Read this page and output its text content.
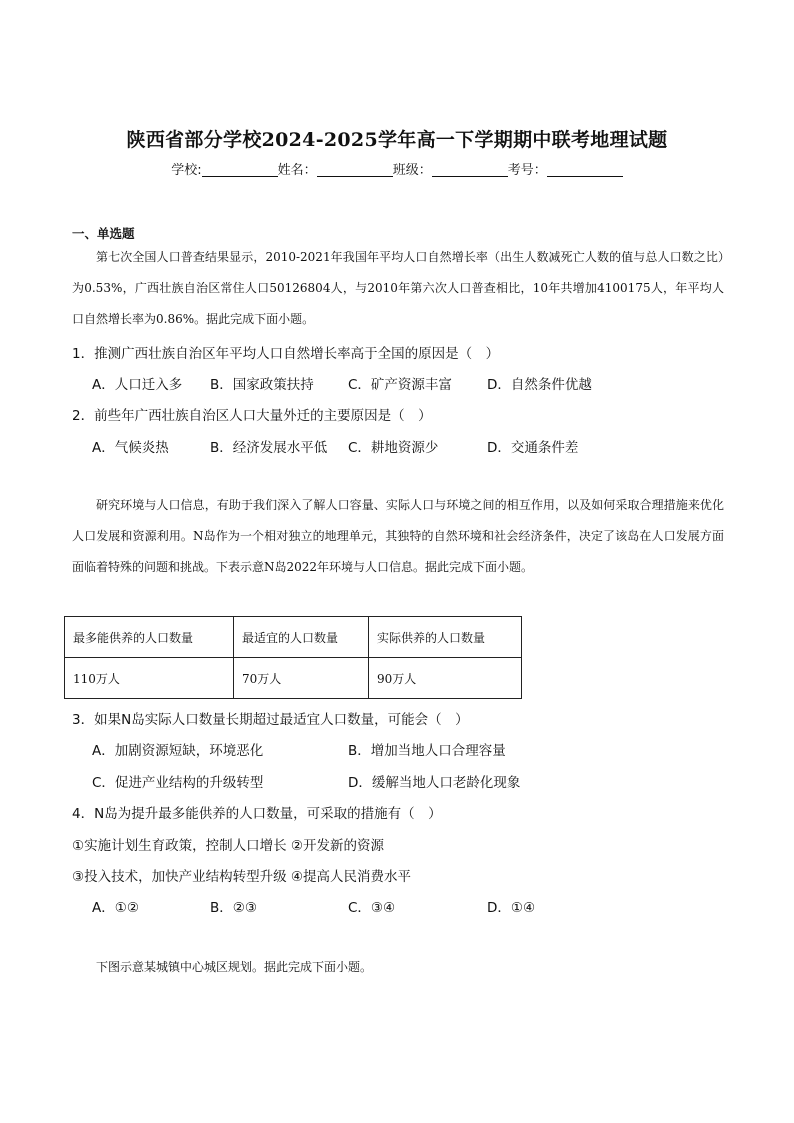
陕西省部分学校2024-2025学年高一下学期期中联考地理试题
学校:	姓名：	班级：	考号：
一、单选题
第七次全国人口普查结果显示，2010-2021年我国年平均人口自然增长率（出生人数减死亡人数的值与总人口数之比）为0.53%，广西壮族自治区常住人口50126804人，与2010年第六次人口普查相比，10年共增加4100175人，年平均人口自然增长率为0.86%。据此完成下面小题。
1．推测广西壮族自治区年平均人口自然增长率高于全国的原因是（　）
A．人口迁入多 B．国家政策扶持	C．矿产资源丰富	D．自然条件优越
2．前些年广西壮族自治区人口大量外迁的主要原因是（　）
A．气候炎热	B．经济发展水平低 C．耕地资源少	D．交通条件差
研究环境与人口信息，有助于我们深入了解人口容量、实际人口与环境之间的相互作用，以及如何采取合理措施来优化人口发展和资源利用。N岛作为一个相对独立的地理单元，其独特的自然环境和社会经济条件，决定了该岛在人口发展方面面临着特殊的问题和挑战。下表示意N岛2022年环境与人口信息。据此完成下面小题。
最多能供养的人口数量	最适宜的人口数量	实际供养的人口数量
110万人	70万人	90万人
3．如果N岛实际人口数量长期超过最适宜人口数量，可能会（　）
A．加剧资源短缺，环境恶化	B．增加当地人口合理容量
C．促进产业结构的升级转型	D．缓解当地人口老龄化现象
4．N岛为提升最多能供养的人口数量，可采取的措施有（　）
①实施计划生育政策，控制人口增长 ②开发新的资源
③投入技术，加快产业结构转型升级 ④提高人民消费水平
A．①②	B．②③	C．③④	D．①④
下图示意某城镇中心城区规划。据此完成下面小题。
